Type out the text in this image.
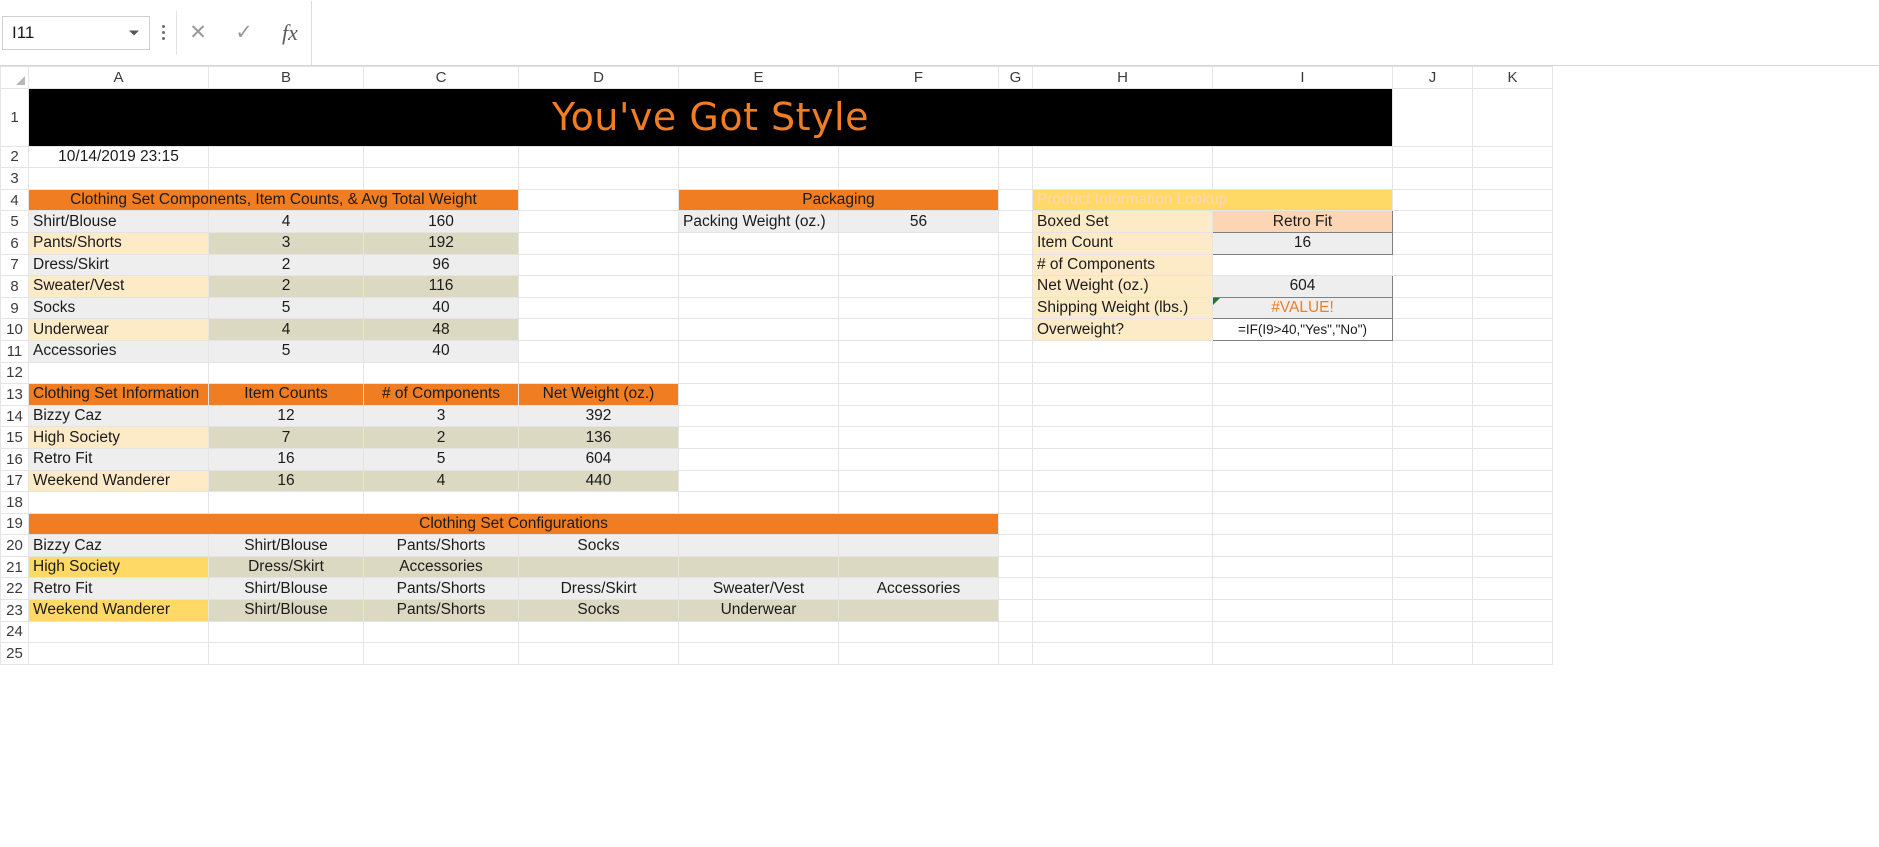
I11	✕ ✓	fx
	A	B	C	D	E	F	G	H	I	J	K
1	You've Got Style										
2	10/14/2019 23:15										
3											
4	Clothing Set Components, Item Counts, & Avg Total Weight				Packaging			Product Information Lookup			
5	Shirt/Blouse	4	160		Packing Weight (oz.)	56		Boxed Set	Retro Fit		
6	Pants/Shorts	3	192					Item Count	16		
7	Dress/Skirt	2	96					# of Components			
8	Sweater/Vest	2	116					Net Weight (oz.)	604		
9	Socks	5	40					Shipping Weight (lbs.)	#VALUE!		
10	Underwear	4	48					Overweight?	=IF(I9>40,"Yes","No")		
11	Accessories	5	40								
12											
13	Clothing Set Information	Item Counts	# of Components	Net Weight (oz.)							
14	Bizzy Caz	12	3	392							
15	High Society	7	2	136							
16	Retro Fit	16	5	604							
17	Weekend Wanderer	16	4	440							
18											
19	Clothing Set Configurations										
20	Bizzy Caz	Shirt/Blouse	Pants/Shorts	Socks							
21	High Society	Dress/Skirt	Accessories								
22	Retro Fit	Shirt/Blouse	Pants/Shorts	Dress/Skirt	Sweater/Vest	Accessories					
23	Weekend Wanderer	Shirt/Blouse	Pants/Shorts	Socks	Underwear						
24											
25											
